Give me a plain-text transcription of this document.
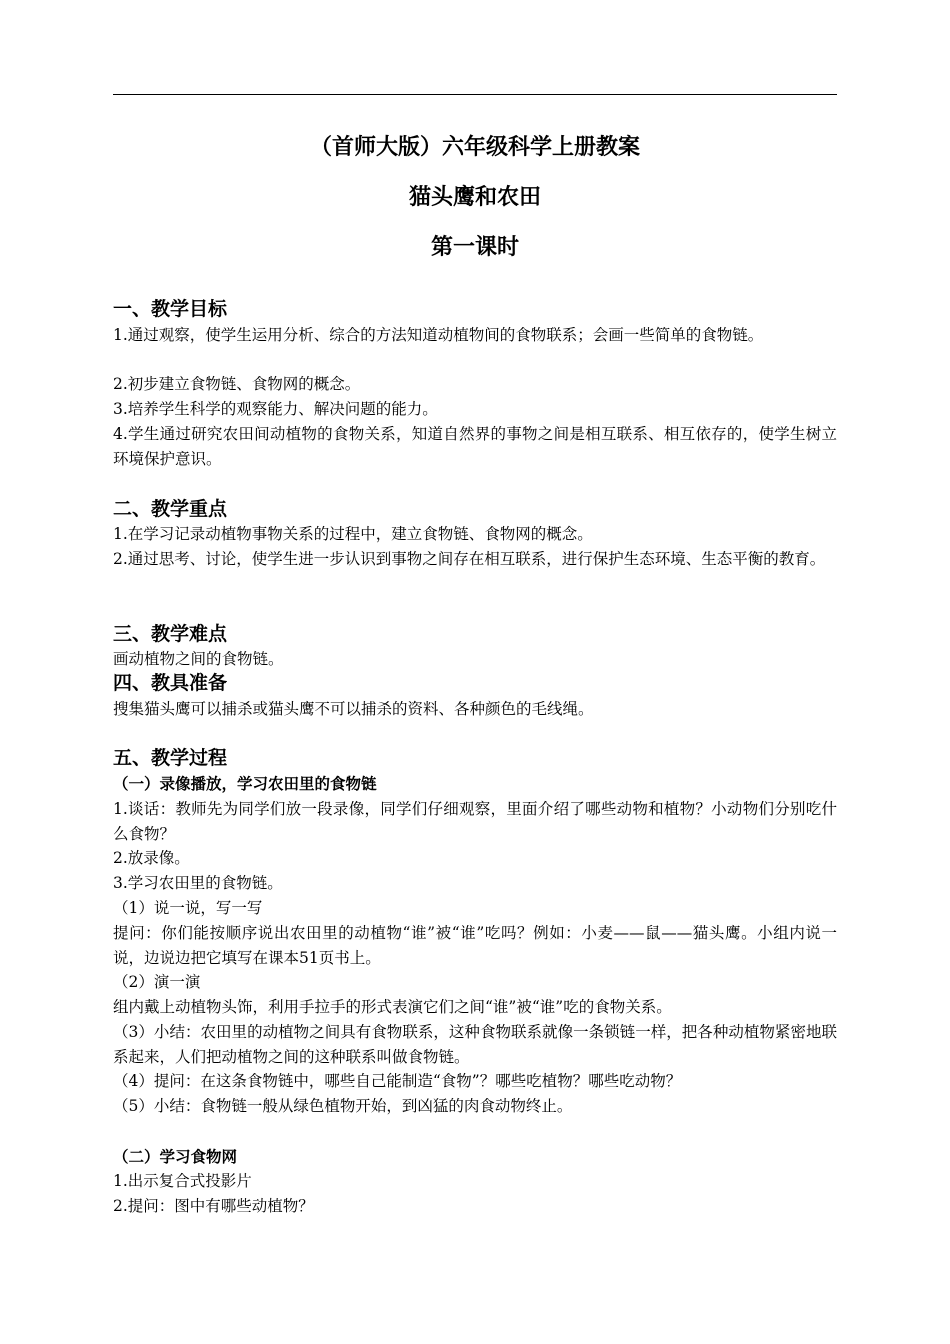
（首师大版）六年级科学上册教案
猫头鹰和农田
第一课时
一、教学目标
1.通过观察，使学生运用分析、综合的方法知道动植物间的食物联系；会画一些简单的食物链。
2.初步建立食物链、食物网的概念。
3.培养学生科学的观察能力、解决问题的能力。
4.学生通过研究农田间动植物的食物关系，知道自然界的事物之间是相互联系、相互依存的，使学生树立环境保护意识。
二、教学重点
1.在学习记录动植物事物关系的过程中，建立食物链、食物网的概念。
2.通过思考、讨论，使学生进一步认识到事物之间存在相互联系，进行保护生态环境、生态平衡的教育。
三、教学难点
画动植物之间的食物链。
四、教具准备
搜集猫头鹰可以捕杀或猫头鹰不可以捕杀的资料、各种颜色的毛线绳。
五、教学过程
（一）录像播放，学习农田里的食物链
1.谈话：教师先为同学们放一段录像，同学们仔细观察，里面介绍了哪些动物和植物？小动物们分别吃什么食物？
2.放录像。
3.学习农田里的食物链。
（1）说一说，写一写
提问：你们能按顺序说出农田里的动植物“谁”被“谁”吃吗？例如：小麦——鼠——猫头鹰。小组内说一说，边说边把它填写在课本51页书上。
（2）演一演
组内戴上动植物头饰，利用手拉手的形式表演它们之间“谁”被“谁”吃的食物关系。
（3）小结：农田里的动植物之间具有食物联系，这种食物联系就像一条锁链一样，把各种动植物紧密地联系起来，人们把动植物之间的这种联系叫做食物链。
（4）提问：在这条食物链中，哪些自己能制造“食物”？哪些吃植物？哪些吃动物？
（5）小结：食物链一般从绿色植物开始，到凶猛的肉食动物终止。
（二）学习食物网
1.出示复合式投影片
2.提问：图中有哪些动植物？
